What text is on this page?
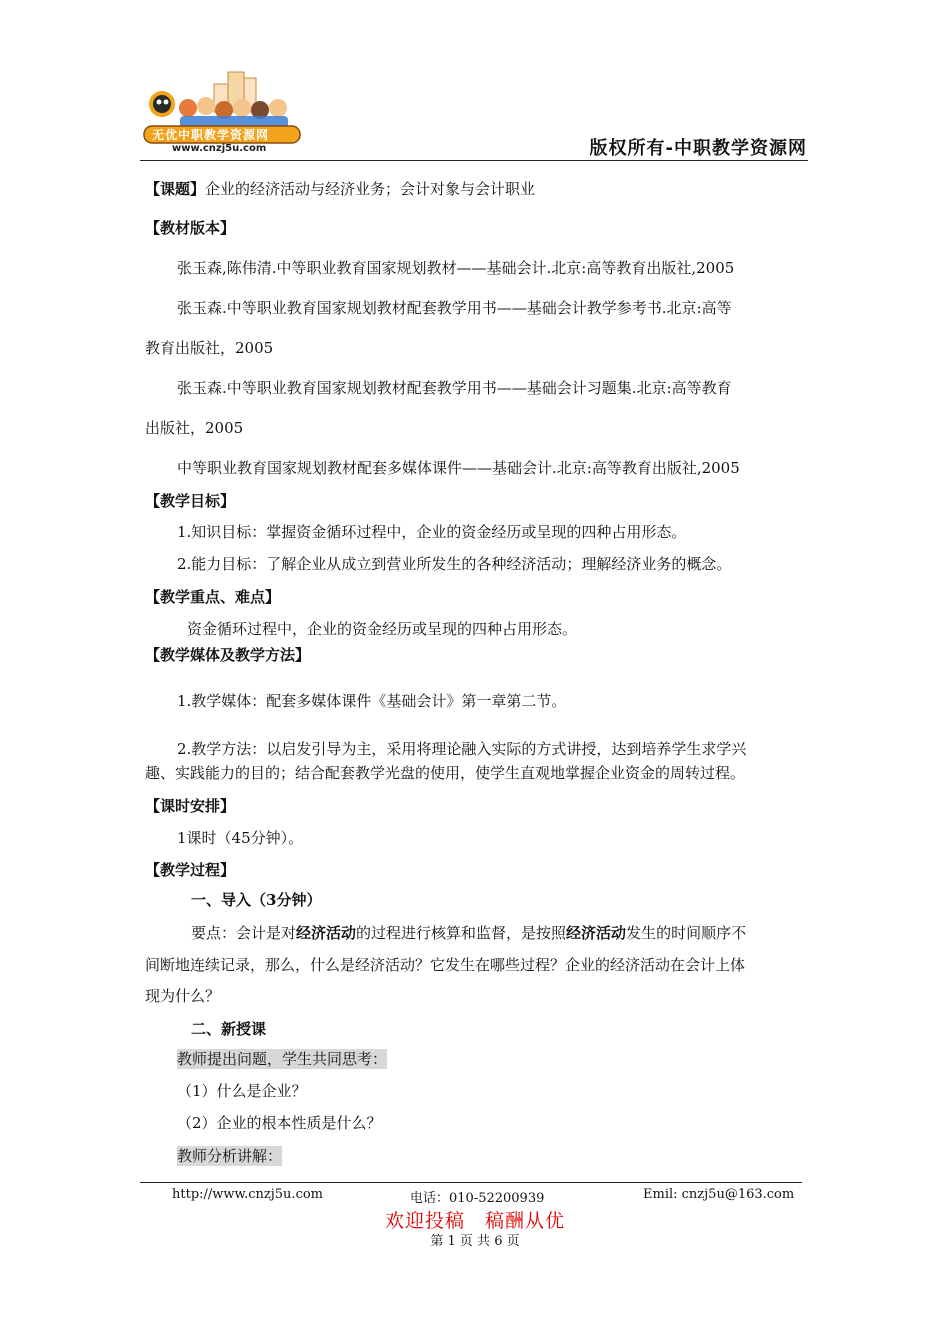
无优中职教学资源网
www.cnzj5u.com	版权所有-中职教学资源网
【课题】企业的经济活动与经济业务；会计对象与会计职业
【教材版本】
张玉森,陈伟清.中等职业教育国家规划教材——基础会计.北京:高等教育出版社,2005
张玉森.中等职业教育国家规划教材配套教学用书——基础会计教学参考书.北京:高等
教育出版社，2005
张玉森.中等职业教育国家规划教材配套教学用书——基础会计习题集.北京:高等教育
出版社，2005
中等职业教育国家规划教材配套多媒体课件——基础会计.北京:高等教育出版社,2005
【教学目标】
1.知识目标：掌握资金循环过程中，企业的资金经历或呈现的四种占用形态。
2.能力目标：了解企业从成立到营业所发生的各种经济活动；理解经济业务的概念。
【教学重点、难点】
资金循环过程中，企业的资金经历或呈现的四种占用形态。
【教学媒体及教学方法】
1.教学媒体：配套多媒体课件《基础会计》第一章第二节。
2.教学方法：以启发引导为主，采用将理论融入实际的方式讲授，达到培养学生求学兴
趣、实践能力的目的；结合配套教学光盘的使用，使学生直观地掌握企业资金的周转过程。
【课时安排】
1课时（45分钟）。
【教学过程】
一、导入（3分钟）
要点：会计是对经济活动的过程进行核算和监督，是按照经济活动发生的时间顺序不
间断地连续记录，那么，什么是经济活动？它发生在哪些过程？企业的经济活动在会计上体
现为什么？
二、新授课
教师提出问题，学生共同思考：
（1）什么是企业？
（2）企业的根本性质是什么？
教师分析讲解：
http://www.cnzj5u.com	电话：010-52200939	Emil: cnzj5u@163.com
欢迎投稿　稿酬从优
第 1 页 共 6 页
